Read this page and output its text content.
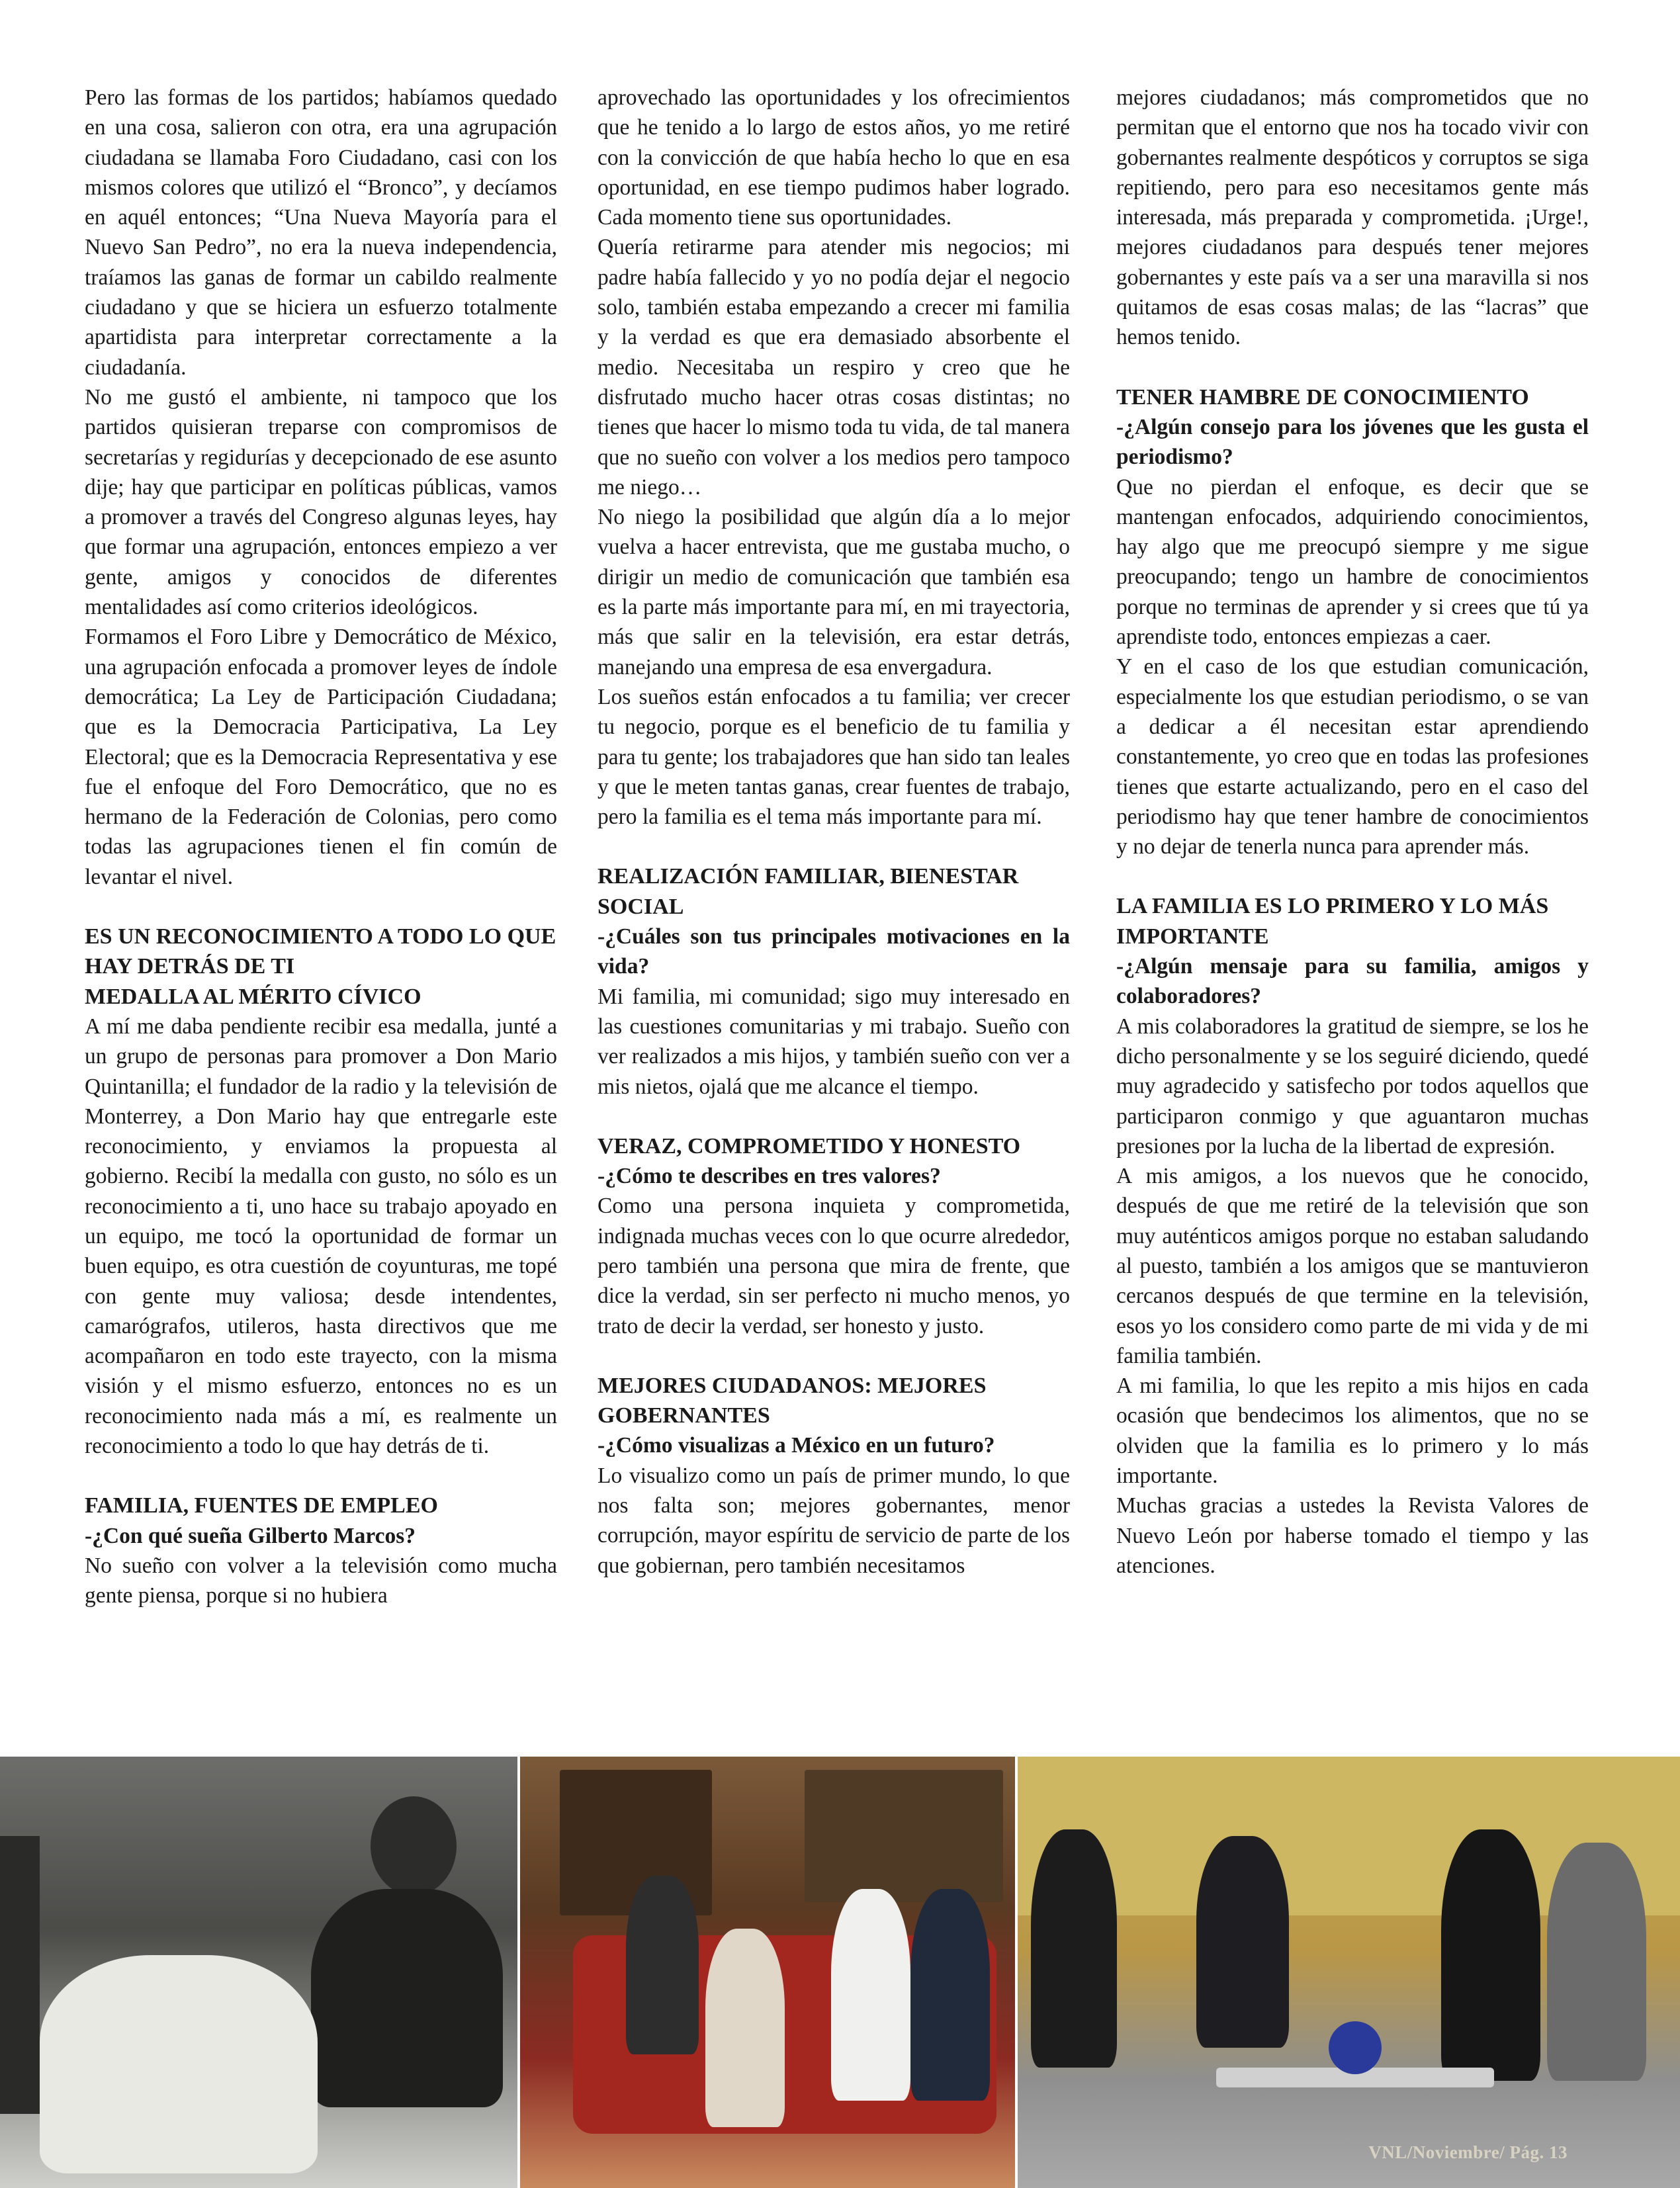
Pero las formas de los partidos; habíamos quedado en una cosa, salieron con otra, era una agrupación ciudadana se llamaba Foro Ciudadano, casi con los mismos colores que utilizó el “Bronco”, y decíamos en aquél entonces; “Una Nueva Mayoría para el Nuevo San Pedro”, no era la nueva independencia, traíamos las ganas de formar un cabildo realmente ciudadano y que se hiciera un esfuerzo totalmente apartidista para interpretar correctamente a la ciudadanía.

No me gustó el ambiente, ni tampoco que los partidos quisieran treparse con compromisos de secretarías y regidurías y decepcionado de ese asunto dije; hay que participar en políticas públicas, vamos a promover a través del Congreso algunas leyes, hay que formar una agrupación, entonces empiezo a ver gente, amigos y conocidos de diferentes mentalidades así como criterios ideológicos.

Formamos el Foro Libre y Democrático de México, una agrupación enfocada a promover leyes de índole democrática; La Ley de Participación Ciudadana; que es la Democracia Participativa, La Ley Electoral; que es la Democracia Representativa y ese fue el enfoque del Foro Democrático, que no es hermano de la Federación de Colonias, pero como todas las agrupaciones tienen el fin común de levantar el nivel.

ES UN RECONOCIMIENTO A TODO LO QUE HAY DETRÁS DE TI
MEDALLA AL MÉRITO CÍVICO

A mí me daba pendiente recibir esa medalla, junté a un grupo de personas para promover a Don Mario Quintanilla; el fundador de la radio y la televisión de Monterrey, a Don Mario hay que entregarle este reconocimiento, y enviamos la propuesta al gobierno. Recibí la medalla con gusto, no sólo es un reconocimiento a ti, uno hace su trabajo apoyado en un equipo, me tocó la oportunidad de formar un buen equipo, es otra cuestión de coyunturas, me topé con gente muy valiosa; desde intendentes, camarógrafos, utileros, hasta directivos que me acompañaron en todo este trayecto, con la misma visión y el mismo esfuerzo, entonces no es un reconocimiento nada más a mí, es realmente un reconocimiento a todo lo que hay detrás de ti.

FAMILIA, FUENTES DE EMPLEO

-¿Con qué sueña Gilberto Marcos?

No sueño con volver a la televisión como mucha gente piensa, porque si no hubiera

aprovechado las oportunidades y los ofrecimientos que he tenido a lo largo de estos años, yo me retiré con la convicción de que había hecho lo que en esa oportunidad, en ese tiempo pudimos haber logrado. Cada momento tiene sus oportunidades.

Quería retirarme para atender mis negocios; mi padre había fallecido y yo no podía dejar el negocio solo, también estaba empezando a crecer mi familia y la verdad es que era demasiado absorbente el medio. Necesitaba un respiro y creo que he disfrutado mucho hacer otras cosas distintas; no tienes que hacer lo mismo toda tu vida, de tal manera que no sueño con volver a los medios pero tampoco me niego…

No niego la posibilidad que algún día a lo mejor vuelva a hacer entrevista, que me gustaba mucho, o dirigir un medio de comunicación que también esa es la parte más importante para mí, en mi trayectoria, más que salir en la televisión, era estar detrás, manejando una empresa de esa envergadura.

Los sueños están enfocados a tu familia; ver crecer tu negocio, porque es el beneficio de tu familia y para tu gente; los trabajadores que han sido tan leales y que le meten tantas ganas, crear fuentes de trabajo, pero la familia es el tema más importante para mí.

REALIZACIÓN FAMILIAR, BIENESTAR SOCIAL

-¿Cuáles son tus principales motivaciones en la vida?

Mi familia, mi comunidad; sigo muy interesado en las cuestiones comunitarias y mi trabajo. Sueño con ver realizados a mis hijos, y también sueño con ver a mis nietos, ojalá que me alcance el tiempo.

VERAZ, COMPROMETIDO Y HONESTO

-¿Cómo te describes en tres valores?

Como una persona inquieta y comprometida, indignada muchas veces con lo que ocurre alrededor, pero también una persona que mira de frente, que dice la verdad, sin ser perfecto ni mucho menos, yo trato de decir la verdad, ser honesto y justo.

MEJORES CIUDADANOS: MEJORES GOBERNANTES

-¿Cómo visualizas a México en un futuro?

Lo visualizo como un país de primer mundo, lo que nos falta son; mejores gobernantes, menor corrupción, mayor espíritu de servicio de parte de los que gobiernan, pero también necesitamos

mejores ciudadanos; más comprometidos que no permitan que el entorno que nos ha tocado vivir con gobernantes realmente despóticos y corruptos se siga repitiendo, pero para eso necesitamos gente más interesada, más preparada y comprometida. ¡Urge!, mejores ciudadanos para después tener mejores gobernantes y este país va a ser una maravilla si nos quitamos de esas cosas malas; de las “lacras” que hemos tenido.

TENER HAMBRE DE CONOCIMIENTO

-¿Algún consejo para los jóvenes que les gusta el periodismo?

Que no pierdan el enfoque, es decir que se mantengan enfocados, adquiriendo conocimientos, hay algo que me preocupó siempre y me sigue preocupando; tengo un hambre de conocimientos porque no terminas de aprender y si crees que tú ya aprendiste todo, entonces empiezas a caer.

Y en el caso de los que estudian comunicación, especialmente los que estudian periodismo, o se van a dedicar a él necesitan estar aprendiendo constantemente, yo creo que en todas las profesiones tienes que estarte actualizando, pero en el caso del periodismo hay que tener hambre de conocimientos y no dejar de tenerla nunca para aprender más.

LA FAMILIA ES LO PRIMERO Y LO MÁS IMPORTANTE

-¿Algún mensaje para su familia, amigos y colaboradores?

A mis colaboradores la gratitud de siempre, se los he dicho personalmente y se los seguiré diciendo, quedé muy agradecido y satisfecho por todos aquellos que participaron conmigo y que aguantaron muchas presiones por la lucha de la libertad de expresión.

A mis amigos, a los nuevos que he conocido, después de que me retiré de la televisión que son muy auténticos amigos porque no estaban saludando al puesto, también a los amigos que se mantuvieron cercanos después de que termine en la televisión, esos yo los considero como parte de mi vida y de mi familia también.

A mi familia, lo que les repito a mis hijos en cada ocasión que bendecimos los alimentos, que no se olviden que la familia es lo primero y lo más importante.

Muchas gracias a ustedes la Revista Valores de Nuevo León por haberse tomado el tiempo y las atenciones.

VNL/Noviembre/ Pág. 13
